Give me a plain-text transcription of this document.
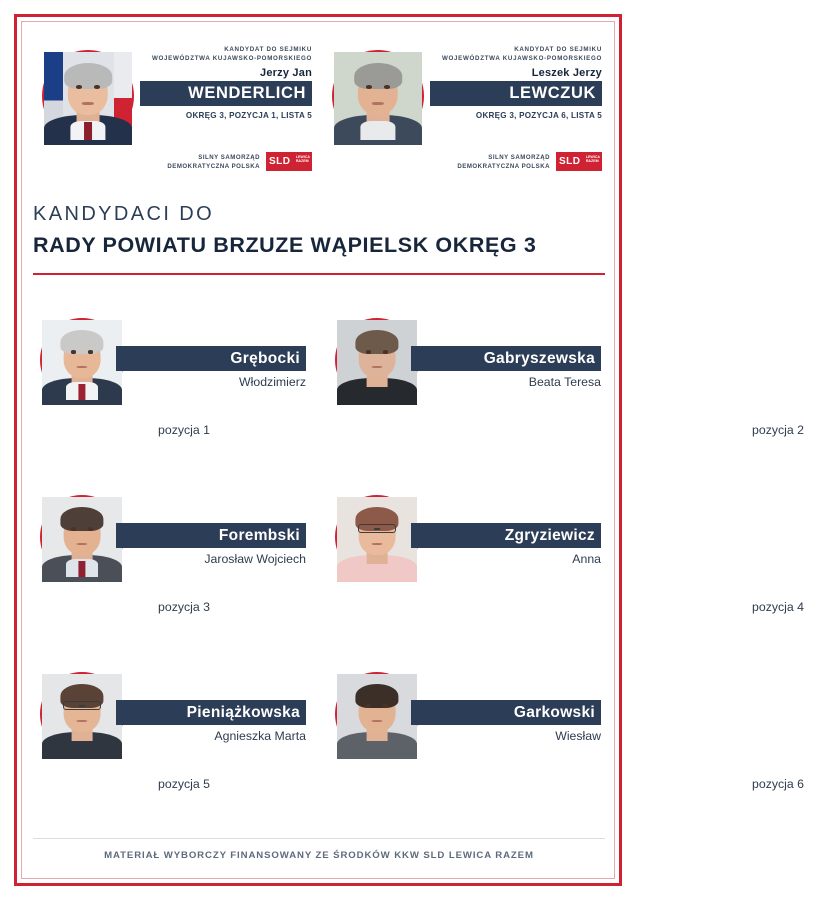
KANDYDAT DO SEJMIKU
WOJEWÓDZTWA KUJAWSKO-POMORSKIEGO
Jerzy Jan
WENDERLICH
OKRĘG 3, POZYCJA 1, LISTA 5
SILNY SAMORZĄD
DEMOKRATYCZNA POLSKA SLD LEWICA
RAZEM
KANDYDAT DO SEJMIKU
WOJEWÓDZTWA KUJAWSKO-POMORSKIEGO
Leszek Jerzy
LEWCZUK
OKRĘG 3, POZYCJA 6, LISTA 5
SILNY SAMORZĄD
DEMOKRATYCZNA POLSKA SLD LEWICA
RAZEM
KANDYDACI DO
RADY POWIATU BRZUZE WĄPIELSK OKRĘG 3
Grębocki
Włodzimierz
pozycja 1
Gabryszewska
Beata Teresa
pozycja 2
Forembski
Jarosław Wojciech
pozycja 3
Zgryziewicz
Anna
pozycja 4
Pieniążkowska
Agnieszka Marta
pozycja 5
Garkowski
Wiesław
pozycja 6
MATERIAŁ WYBORCZY FINANSOWANY ZE ŚRODKÓW KKW SLD LEWICA RAZEM
